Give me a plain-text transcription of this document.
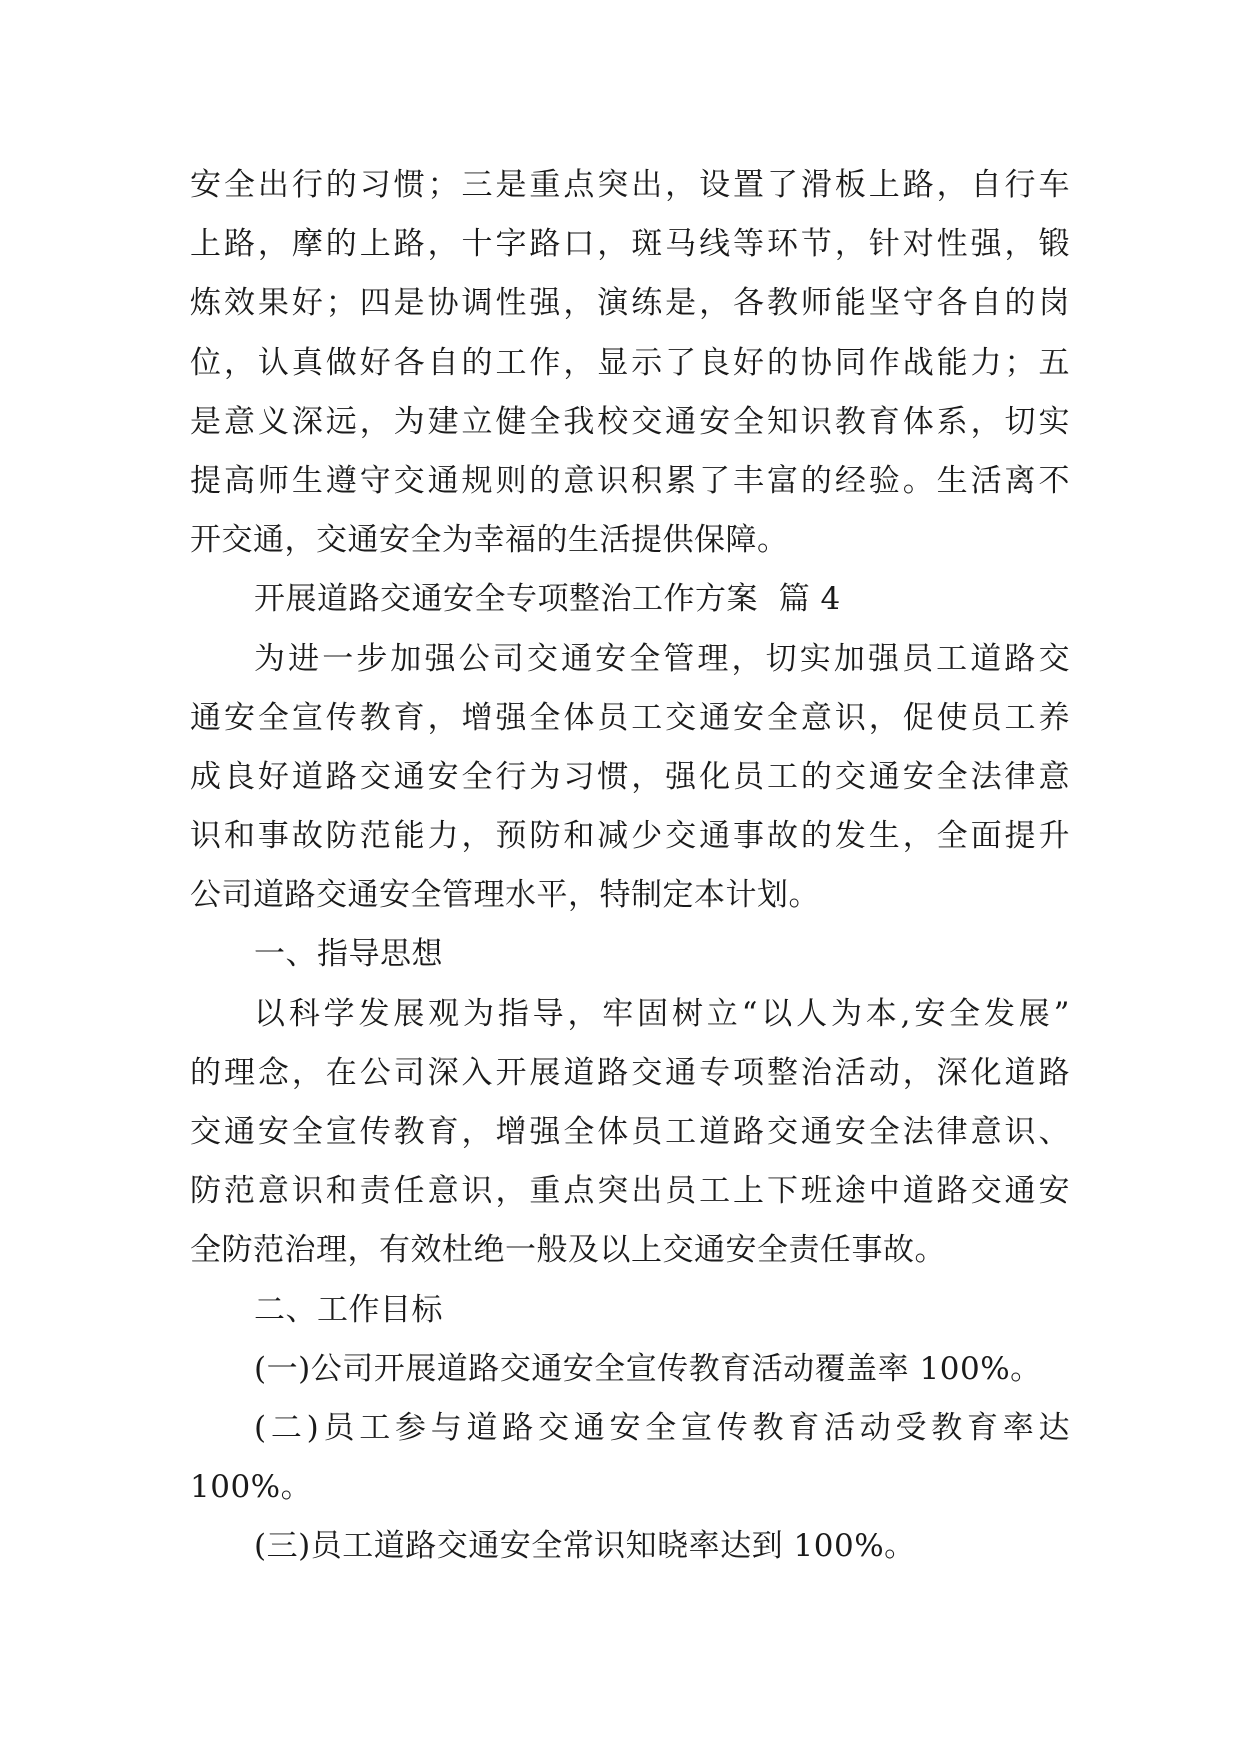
安全出行的习惯；三是重点突出，设置了滑板上路，自行车
上路，摩的上路，十字路口，斑马线等环节，针对性强，锻
炼效果好；四是协调性强，演练是，各教师能坚守各自的岗
位，认真做好各自的工作，显示了良好的协同作战能力；五
是意义深远，为建立健全我校交通安全知识教育体系，切实
提高师生遵守交通规则的意识积累了丰富的经验。生活离不
开交通，交通安全为幸福的生活提供保障。
开展道路交通安全专项整治工作方案  篇 4
为进一步加强公司交通安全管理，切实加强员工道路交
通安全宣传教育，增强全体员工交通安全意识，促使员工养
成良好道路交通安全行为习惯，强化员工的交通安全法律意
识和事故防范能力，预防和减少交通事故的发生，全面提升
公司道路交通安全管理水平，特制定本计划。
一、指导思想
以科学发展观为指导，牢固树立“以人为本,安全发展”
的理念，在公司深入开展道路交通专项整治活动，深化道路
交通安全宣传教育，增强全体员工道路交通安全法律意识、
防范意识和责任意识，重点突出员工上下班途中道路交通安
全防范治理，有效杜绝一般及以上交通安全责任事故。
二、工作目标
(一)公司开展道路交通安全宣传教育活动覆盖率 100%。
(二)员工参与道路交通安全宣传教育活动受教育率达
100%。
(三)员工道路交通安全常识知晓率达到 100%。
